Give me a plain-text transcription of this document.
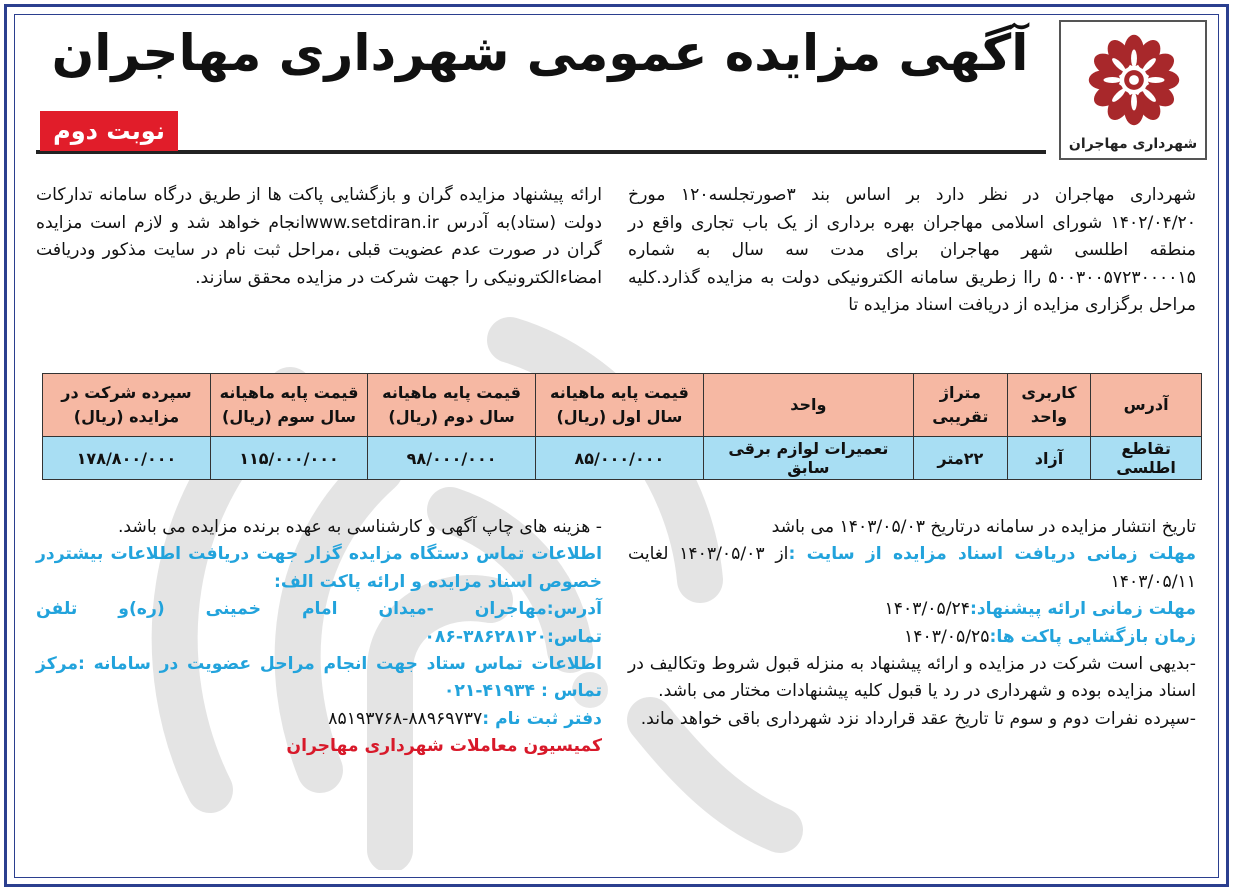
شهرداری مهاجران
آگهی مزایده عمومی شهرداری مهاجران
نوبت دوم
شهرداری مهاجران در نظر دارد بر اساس بند ۳صورتجلسه۱۲۰ مورخ ۱۴۰۲/۰۴/۲۰ شورای اسلامی مهاجران بهره برداری از یک باب تجاری واقع در منطقه اطلسی شهر مهاجران برای مدت سه سال به شماره ۵۰۰۳۰۰۵۷۲۳۰۰۰۰۱۵ راا زطریق سامانه الکترونیکی دولت به مزایده گذارد.کلیه مراحل برگزاری مزایده از دریافت اسناد مزایده تا
ارائه پیشنهاد مزایده گران و بازگشایی پاکت ها از طریق درگاه سامانه تدارکات دولت (ستاد)به آدرس www.setdiran.irانجام خواهد شد و لازم است مزایده گران در صورت عدم عضویت قبلی ،مراحل ثبت نام در سایت مذکور ودریافت امضاءالکترونیکی را جهت شرکت در مزایده محقق سازند.
آدرس	کاربری واحد	متراژ تقریبی	واحد	قیمت پایه ماهیانه سال اول (ریال)	قیمت پایه ماهیانه سال دوم (ریال)	قیمت پایه ماهیانه سال سوم (ریال)	سپرده شرکت در مزایده (ریال)
تقاطع اطلسی	آزاد	۲۲متر	تعمیرات لوازم برقی سابق	۸۵/۰۰۰/۰۰۰	۹۸/۰۰۰/۰۰۰	۱۱۵/۰۰۰/۰۰۰	۱۷۸/۸۰۰/۰۰۰

تاریخ انتشار مزایده در سامانه درتاریخ ۱۴۰۳/۰۵/۰۳ می باشد

مهلت زمانی دریافت اسناد مزایده از سایت :از ۱۴۰۳/۰۵/۰۳ لغایت ۱۴۰۳/۰۵/۱۱

مهلت زمانی ارائه پیشنهاد:۱۴۰۳/۰۵/۲۴

زمان بازگشایی پاکت ها:۱۴۰۳/۰۵/۲۵

-بدیهی است شرکت در مزایده و ارائه پیشنهاد به منزله قبول شروط وتکالیف در اسناد مزایده بوده و شهرداری در رد یا قبول کلیه پیشنهادات مختار می باشد.

-سپرده نفرات دوم و سوم تا تاریخ عقد قرارداد نزد شهرداری باقی خواهد ماند.

- هزینه های چاپ آگهی و کارشناسی به عهده برنده مزایده می باشد.

اطلاعات تماس دستگاه مزایده گزار جهت دریافت اطلاعات بیشتردر خصوص اسناد مزایده و ارائه پاکت الف:

آدرس:مهاجران -میدان امام خمینی (ره)و تلفن تماس:۳۸۶۲۸۱۲۰-۰۸۶

اطلاعات تماس ستاد جهت انجام مراحل عضویت در سامانه :مرکز تماس : ۴۱۹۳۴-۰۲۱

دفتر ثبت نام :۸۸۹۶۹۷۳۷-۸۵۱۹۳۷۶۸

کمیسیون معاملات شهرداری مهاجران
